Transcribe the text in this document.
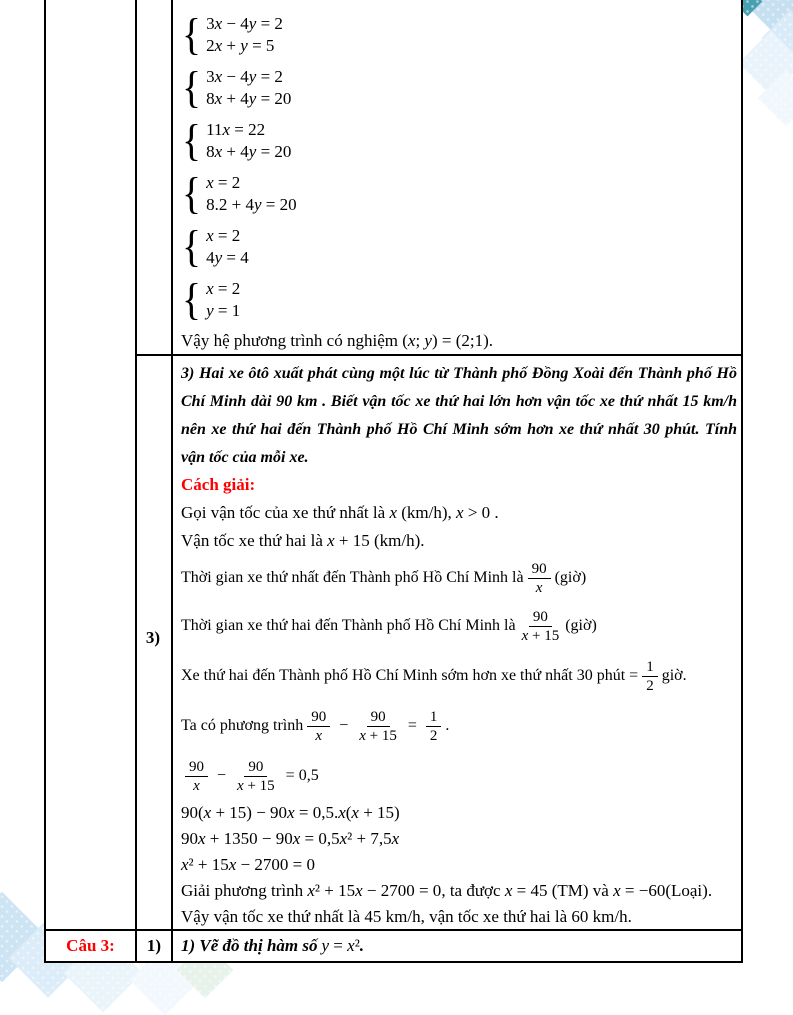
{ 3x − 4y = 2
2x + y = 5
{ 3x − 4y = 2
8x + 4y = 20
{ 11x = 22
8x + 4y = 20
{ x = 2
8.2 + 4y = 20
{ x = 2
4y = 4
{ x = 2
y = 1
Vậy hệ phương trình có nghiệm (x; y) = (2;1).
3)

3) Hai xe ôtô xuất phát cùng một lúc từ Thành phố Đồng Xoài đến Thành phố Hồ Chí Minh dài 90 km . Biết vận tốc xe thứ hai lớn hơn vận tốc xe thứ nhất 15 km/h nên xe thứ hai đến Thành phố Hồ Chí Minh sớm hơn xe thứ nhất 30 phút. Tính vận tốc của mỗi xe.

Cách giải:
Gọi vận tốc của xe thứ nhất là x (km/h), x > 0 .
Vận tốc xe thứ hai là x + 15 (km/h).
Thời gian xe thứ nhất đến Thành phố Hồ Chí Minh là $\frac{90}{x}$ (giờ)
Thời gian xe thứ hai đến Thành phố Hồ Chí Minh là $\frac{90}{x + 15}$ (giờ)
Xe thứ hai đến Thành phố Hồ Chí Minh sớm hơn xe thứ nhất 30 phút = $\frac{1}{2}$ giờ.
Ta có phương trình $\frac{90}{x} - \frac{90}{x + 15} = \frac{1}{2}$ .
$\frac{90}{x} - \frac{90}{x + 15} = 0,5$
90(x + 15) − 90x = 0,5.x(x + 15)
90x + 1350 − 90x = 0,5x² + 7,5x
x² + 15x − 2700 = 0
Giải phương trình x² + 15x − 2700 = 0, ta được x = 45 (TM) và x = −60(Loại).
Vậy vận tốc xe thứ nhất là 45 km/h, vận tốc xe thứ hai là 60 km/h.
Câu 3:	1)	1) Vẽ đồ thị hàm số y = x² .
